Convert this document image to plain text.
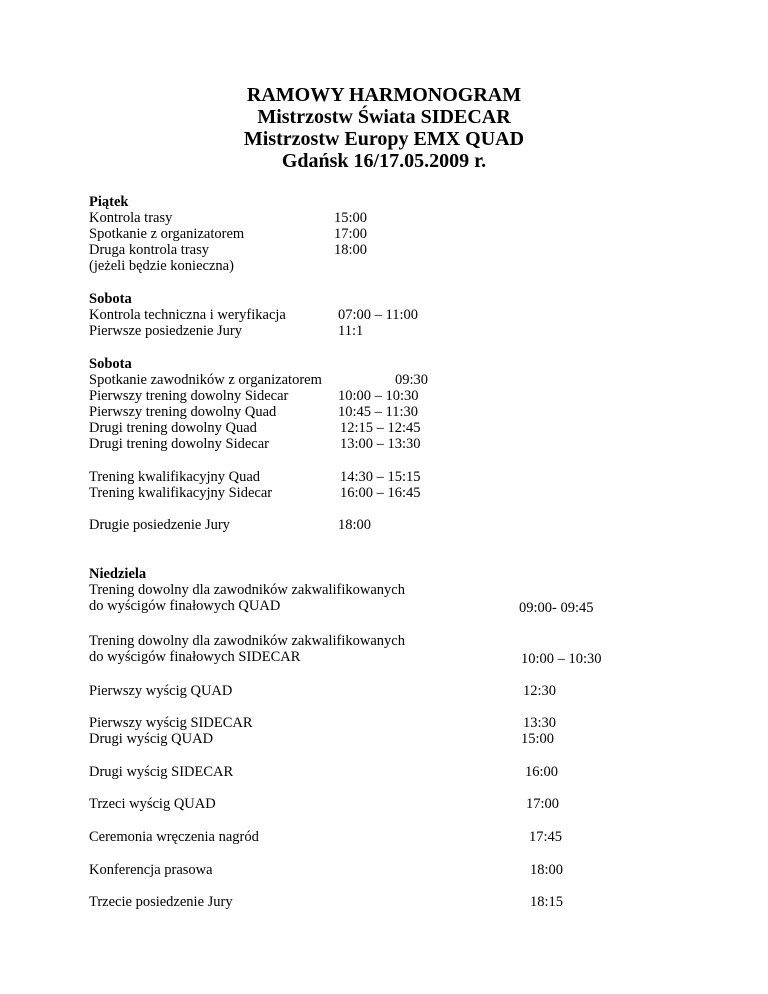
RAMOWY HARMONOGRAM
Mistrzostw Świata SIDECAR
Mistrzostw Europy EMX QUAD
Gdańsk 16/17.05.2009 r.
Piątek
Kontrola trasy	15:00
Spotkanie z organizatorem	17:00
Druga kontrola trasy	18:00
(jeżeli będzie konieczna)
Sobota
Kontrola techniczna i weryfikacja	07:00 – 11:00
Pierwsze posiedzenie Jury	11:1
Sobota
Spotkanie zawodników z organizatorem	09:30
Pierwszy trening dowolny Sidecar	10:00 – 10:30
Pierwszy trening dowolny Quad	10:45 – 11:30
Drugi trening dowolny Quad	12:15 – 12:45
Drugi trening dowolny Sidecar	13:00 – 13:30
Trening kwalifikacyjny Quad	14:30 – 15:15
Trening kwalifikacyjny Sidecar	16:00 – 16:45
Drugie posiedzenie Jury	18:00
Niedziela
Trening dowolny dla zawodników zakwalifikowanych
do wyścigów finałowych QUAD	09:00- 09:45
Trening dowolny dla zawodników zakwalifikowanych
do wyścigów finałowych SIDECAR	10:00 – 10:30
Pierwszy wyścig QUAD	12:30
Pierwszy wyścig SIDECAR	13:30
Drugi wyścig QUAD	15:00
Drugi wyścig SIDECAR	16:00
Trzeci wyścig QUAD	17:00
Ceremonia wręczenia nagród	17:45
Konferencja prasowa	18:00
Trzecie posiedzenie Jury	18:15
